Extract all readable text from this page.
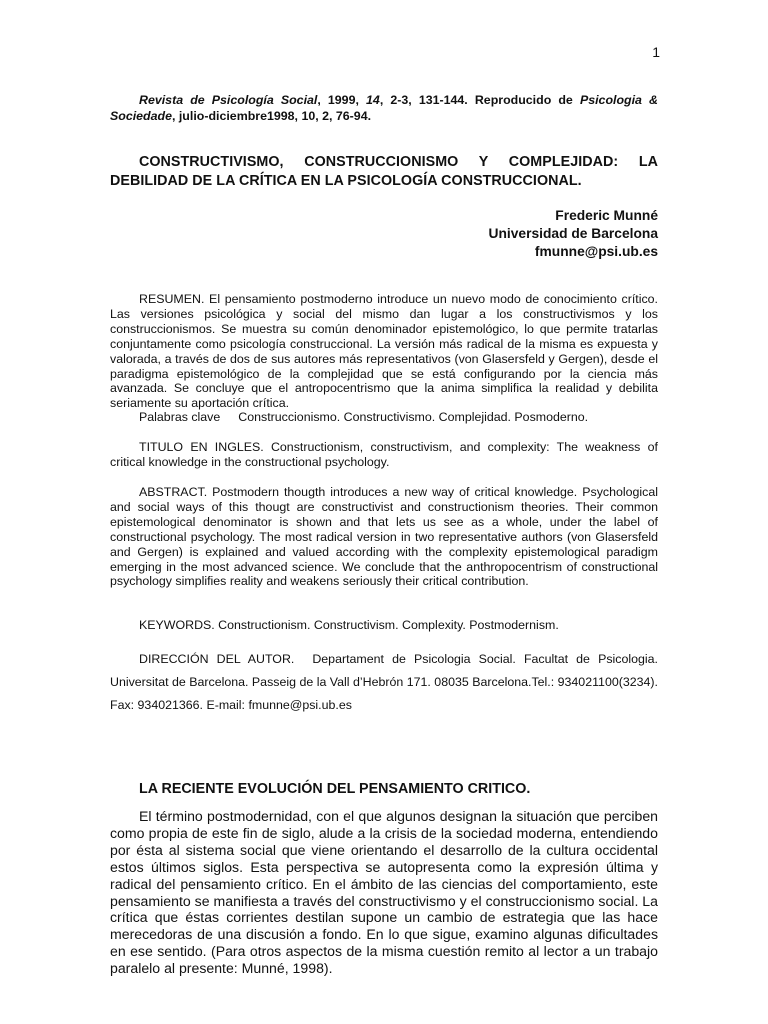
1
Revista de Psicología Social, 1999, 14, 2-3, 131-144. Reproducido de Psicologia & Sociedade, julio-diciembre1998, 10, 2, 76-94.
CONSTRUCTIVISMO, CONSTRUCCIONISMO Y COMPLEJIDAD: LA DEBILIDAD DE LA CRÍTICA EN LA PSICOLOGÍA CONSTRUCCIONAL.
Frederic Munné
Universidad de Barcelona
fmunne@psi.ub.es

RESUMEN. El pensamiento postmoderno introduce un nuevo modo de conocimiento crítico. Las versiones psicológica y social del mismo dan lugar a los constructivismos y los construccionismos. Se muestra su común denominador epistemológico, lo que permite tratarlas conjuntamente como psicología construccional. La versión más radical de la misma es expuesta y valorada, a través de dos de sus autores más representativos (von Glasersfeld y Gergen), desde el paradigma epistemológico de la complejidad que se está configurando por la ciencia más avanzada. Se concluye que el antropocentrismo que la anima simplifica la realidad y debilita seriamente su aportación crítica.

Palabras clave Construccionismo. Constructivismo. Complejidad. Posmoderno.

TITULO EN INGLES. Constructionism, constructivism, and complexity: The weakness of critical knowledge in the constructional psychology.

ABSTRACT. Postmodern thougth introduces a new way of critical knowledge. Psychological and social ways of this thougt are constructivist and constructionism theories. Their common epistemological denominator is shown and that lets us see as a whole, under the label of constructional psychology. The most radical version in two representative authors (von Glasersfeld and Gergen) is explained and valued according with the complexity epistemological paradigm emerging in the most advanced science. We conclude that the anthropocentrism of constructional psychology simplifies reality and weakens seriously their critical contribution.

KEYWORDS. Constructionism. Constructivism. Complexity. Postmodernism.
DIRECCIÓN DEL AUTOR. Departament de Psicologia Social. Facultat de Psicologia. Universitat de Barcelona. Passeig de la Vall d’Hebrón 171. 08035 Barcelona.Tel.: 934021100(3234). Fax: 934021366. E-mail: fmunne@psi.ub.es
LA RECIENTE EVOLUCIÓN DEL PENSAMIENTO CRITICO.
El término postmodernidad, con el que algunos designan la situación que perciben como propia de este fin de siglo, alude a la crisis de la sociedad moderna, entendiendo por ésta al sistema social que viene orientando el desarrollo de la cultura occidental estos últimos siglos. Esta perspectiva se autopresenta como la expresión última y radical del pensamiento crítico. En el ámbito de las ciencias del comportamiento, este pensamiento se manifiesta a través del constructivismo y el construccionismo social. La crítica que éstas corrientes destilan supone un cambio de estrategia que las hace merecedoras de una discusión a fondo. En lo que sigue, examino algunas dificultades en ese sentido. (Para otros aspectos de la misma cuestión remito al lector a un trabajo paralelo al presente: Munné, 1998).
